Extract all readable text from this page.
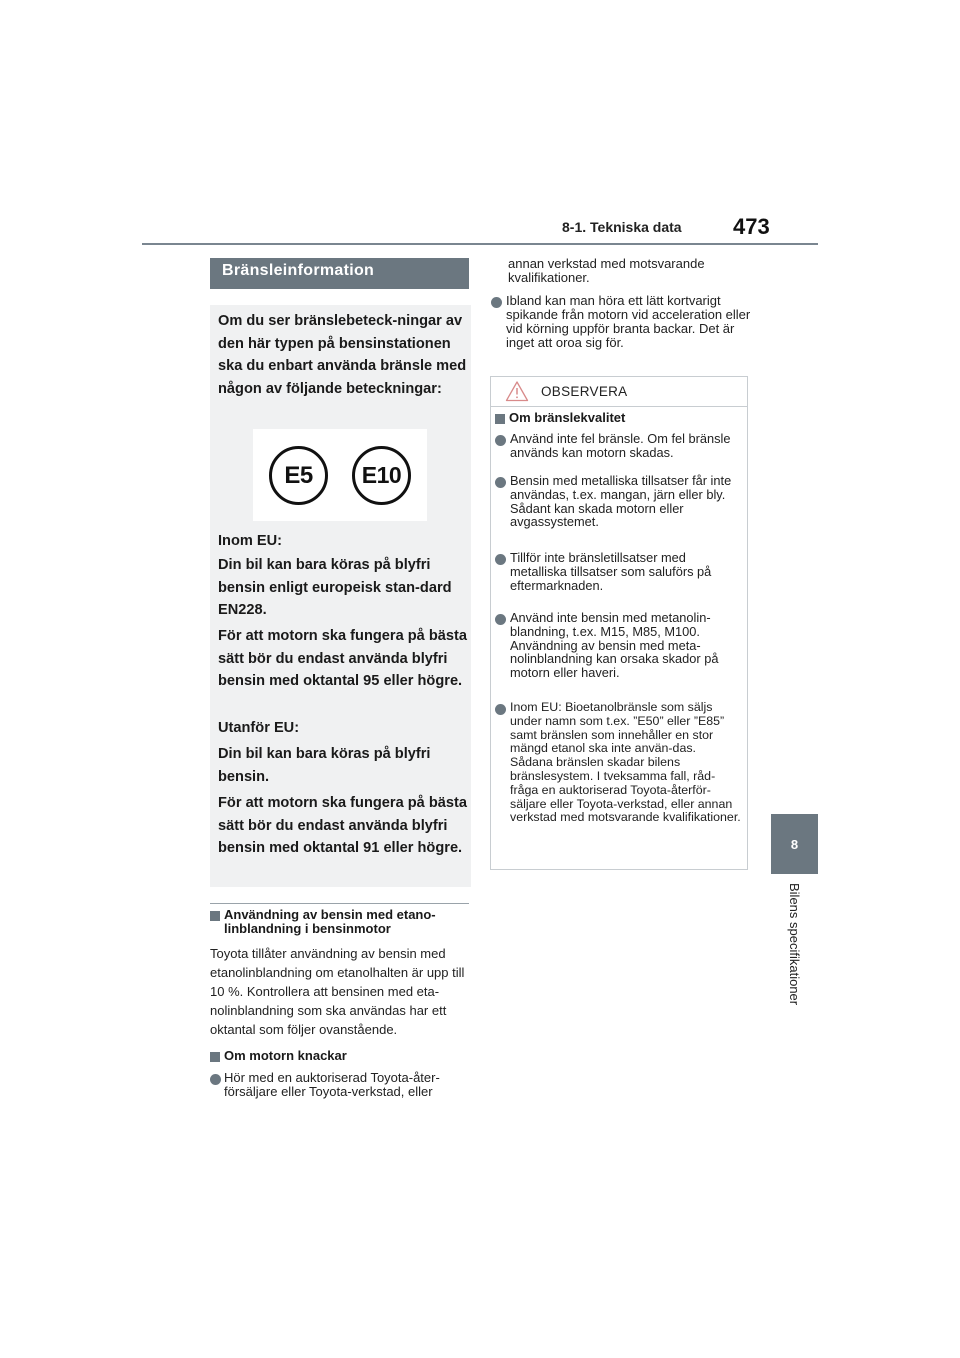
8-1. Tekniska data 473
8
Bilens specifikationer
Bränsleinformation
Om du ser bränslebeteck-ningar av den här typen på bensinstationen ska du enbart använda bränsle med någon av följande beteckningar:
E5	E10
Inom EU:
Din bil kan bara köras på blyfri bensin enligt europeisk stan-dard EN228.
För att motorn ska fungera på bästa sätt bör du endast använda blyfri bensin med oktantal 95 eller högre.
Utanför EU:
Din bil kan bara köras på blyfri bensin.
För att motorn ska fungera på bästa sätt bör du endast använda blyfri bensin med oktantal 91 eller högre.
Användning av bensin med etano-linblandning i bensinmotor
Toyota tillåter användning av bensin med etanolinblandning om etanolhalten är upp till 10 %. Kontrollera att bensinen med eta-nolinblandning som ska användas har ett oktantal som följer ovanstående.
Om motorn knackar
Hör med en auktoriserad Toyota-åter-försäljare eller Toyota-verkstad, eller
annan verkstad med motsvarande kvalifikationer.
Ibland kan man höra ett lätt kortvarigt spikande från motorn vid acceleration eller vid körning uppför branta backar. Det är inget att oroa sig för.
OBSERVERA
Om bränslekvalitet
Använd inte fel bränsle. Om fel bränsle används kan motorn skadas.
Bensin med metalliska tillsatser får inte användas, t.ex. mangan, järn eller bly. Sådant kan skada motorn eller avgassystemet.
Tillför inte bränsletillsatser med metalliska tillsatser som saluförs på eftermarknaden.
Använd inte bensin med metanolin-blandning, t.ex. M15, M85, M100. Användning av bensin med meta-nolinblandning kan orsaka skador på motorn eller haveri.
Inom EU: Bioetanolbränsle som säljs under namn som t.ex. ”E50” eller ”E85” samt bränslen som innehåller en stor mängd etanol ska inte använ-das. Sådana bränslen skadar bilens bränslesystem. I tveksamma fall, råd-fråga en auktoriserad Toyota-återför-säljare eller Toyota-verkstad, eller annan verkstad med motsvarande kvalifikationer.
